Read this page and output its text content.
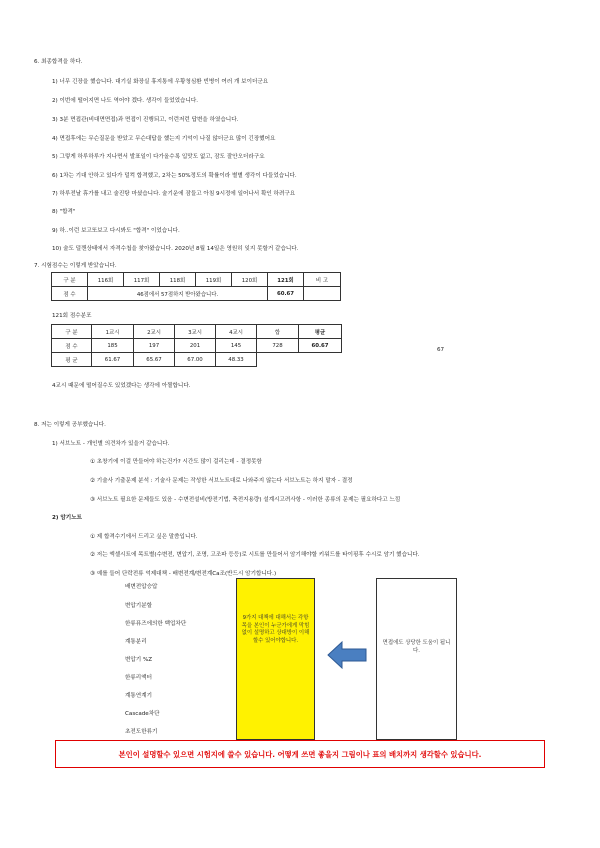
6. 최종합격을 하다.
1) 너무 긴장을 했습니다. 대기실 화장실 휴지통에 우황청심환 빈병이 여러 개 보이더군요
2) 이번에 떨어지면 나도 역어야 겠다. 생각이 들었었습니다.
3) 3분 면접관(비대면면접)과 면접이 진행되고, 이런저런 답변을 하였습니다.
4) 면접후에는 무슨질문을 받았고 무슨대답을 했는지 기억이 나질 않더군요 많이 긴장했어요
5) 그렇게 하루하루가 지나면서 발표일이 다가올수록 입맛도 없고, 잠도 잘안오더라구요
6) 1차는 기대 안하고 있다가 덜컥 합격했고, 2차는 50%정도의 확률이라 별별 생각이 다들었습니다.
7) 하루전날 휴가를 내고 술진탕 마셨습니다. 술기운에 잠들고 아침 9시정에 일어나서 확인 하려구요
8) "합격"
9) 하..이런 보고또보고 다시봐도 "합격" 이었습니다.
10) 술도 덜깬상태에서 자격수첩을 찾아왔습니다. 2020년 8월 14일은 영원히 잊지 못할거 같습니다.
7. 시험점수는 이렇게 받았습니다.
구 분	116회	117회	118회	119회	120회	121회	비 고
점 수	46점에서 57점하지 받아왔습니다.					60.67	
121회 점수분포
구 분	1교시	2교시	3교시	4교시	합	평균
점 수	185	197	201	145	728	60.67
평 균	61.67	65.67	67.00	48.33		
67
4교시 때문에 떨어질수도 있었겠다는 생각에 아찔합니다.
8. 저는 이렇게 공부했습니다.
1) 서브노트 - 개인별 의견차가 있을거 같습니다.
① 초창기에 이걸 만들어야 하는건가? 시간도 많이 걸리는데 - 결정못함
② 기술사 기출문제 분석 : 기술사 문제는 작성한 서브노트대로 나와주지 않는다 서브노트는 하지 말자 - 결정
③ 서브노트 필요한 문제들도 있음 - 수변전설비(방전기법, 축전지용량) 설계시고려사항 - 이러한 종류의 문제는 필요하다고 느낌
2) 암기노트
① 제 합격수기에서 드리고 싶은 말씀입니다.
② 저는 엑셀시트에 목트별(수변전, 변압기, 조명, 고조파 등등)로 시트를 만들어서 암기해야할 키워드를 타이핑후 수시로 암기 했습니다.
③ 예를 들어 단락전류 억제대책 - 배변전계/변전계Ca조(반드시 암기합니다.)
배변전압승압
변압기분할
한류퓨즈에의한 백업차단
계통분리
변압기 %Z
한류리액터
계통연계기
Cascade차단
초전도한류기
9가지 대책에 대해서는 각항목을 본인이 누군가에게 막힘없이 설명하고 상대방이 이해 할수 있어야합니다.	면접에도 상당한 도움이 됩니다.
본인이 설명할수 있으면 시험지에 쓸수 있습니다. 어떻게 쓰면 좋을지 그림이나 표의 배치까지 생각할수 있습니다.
